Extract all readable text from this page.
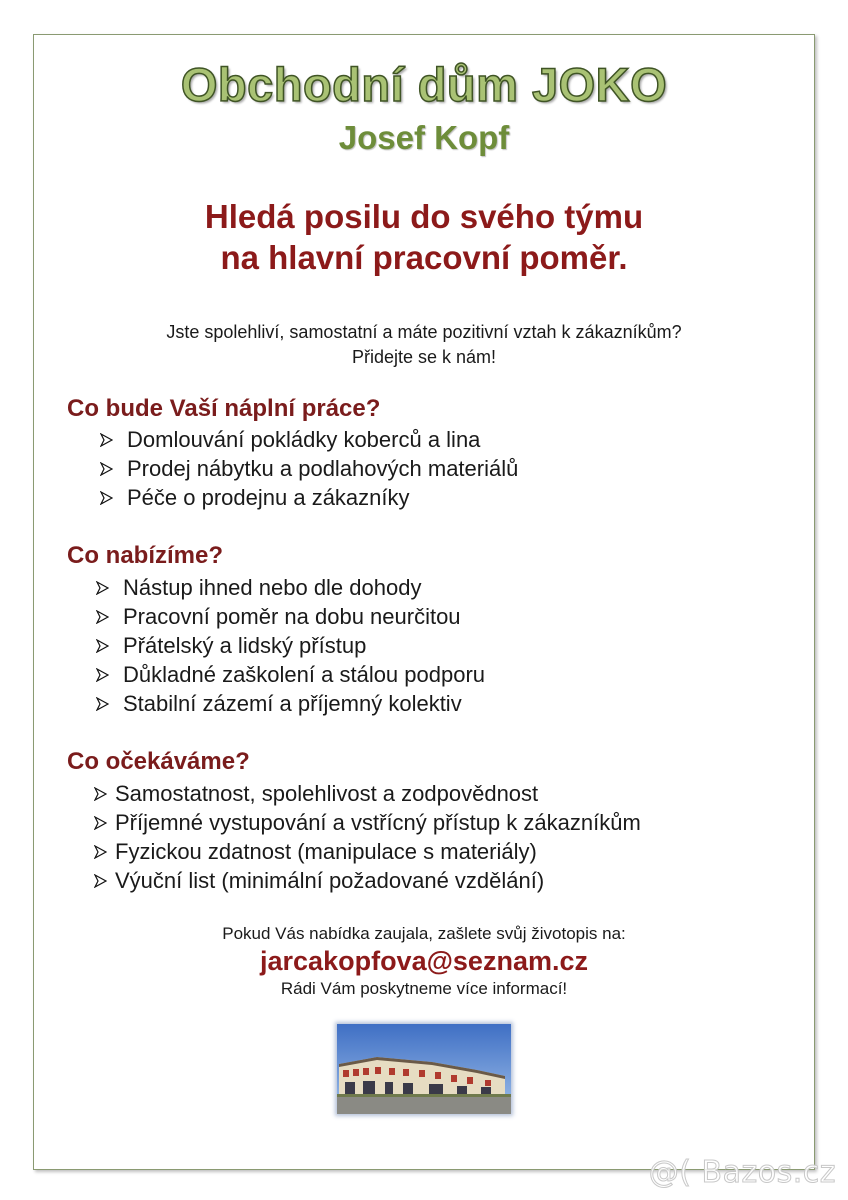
Obchodní dům JOKO
Josef Kopf
Hledá posilu do svého týmu
na hlavní pracovní poměr.
Jste spolehliví, samostatní a máte pozitivní vztah k zákazníkům?
Přidejte se k nám!
Co bude Vaší náplní práce?
Domlouvání pokládky koberců a lina
Prodej nábytku a podlahových materiálů
Péče o prodejnu a zákazníky
Co nabízíme?
Nástup ihned nebo dle dohody
Pracovní poměr na dobu neurčitou
Přátelský a lidský přístup
Důkladné zaškolení a stálou podporu
Stabilní zázemí a příjemný kolektiv
Co očekáváme?
Samostatnost, spolehlivost a zodpovědnost
Příjemné vystupování a vstřícný přístup k zákazníkům
Fyzickou zdatnost (manipulace s materiály)
Výuční list (minimální požadované vzdělání)
Pokud Vás nabídka zaujala, zašlete svůj životopis na:
jarcakopfova@seznam.cz
Rádi Vám poskytneme více informací!
@( Bazos.cz
